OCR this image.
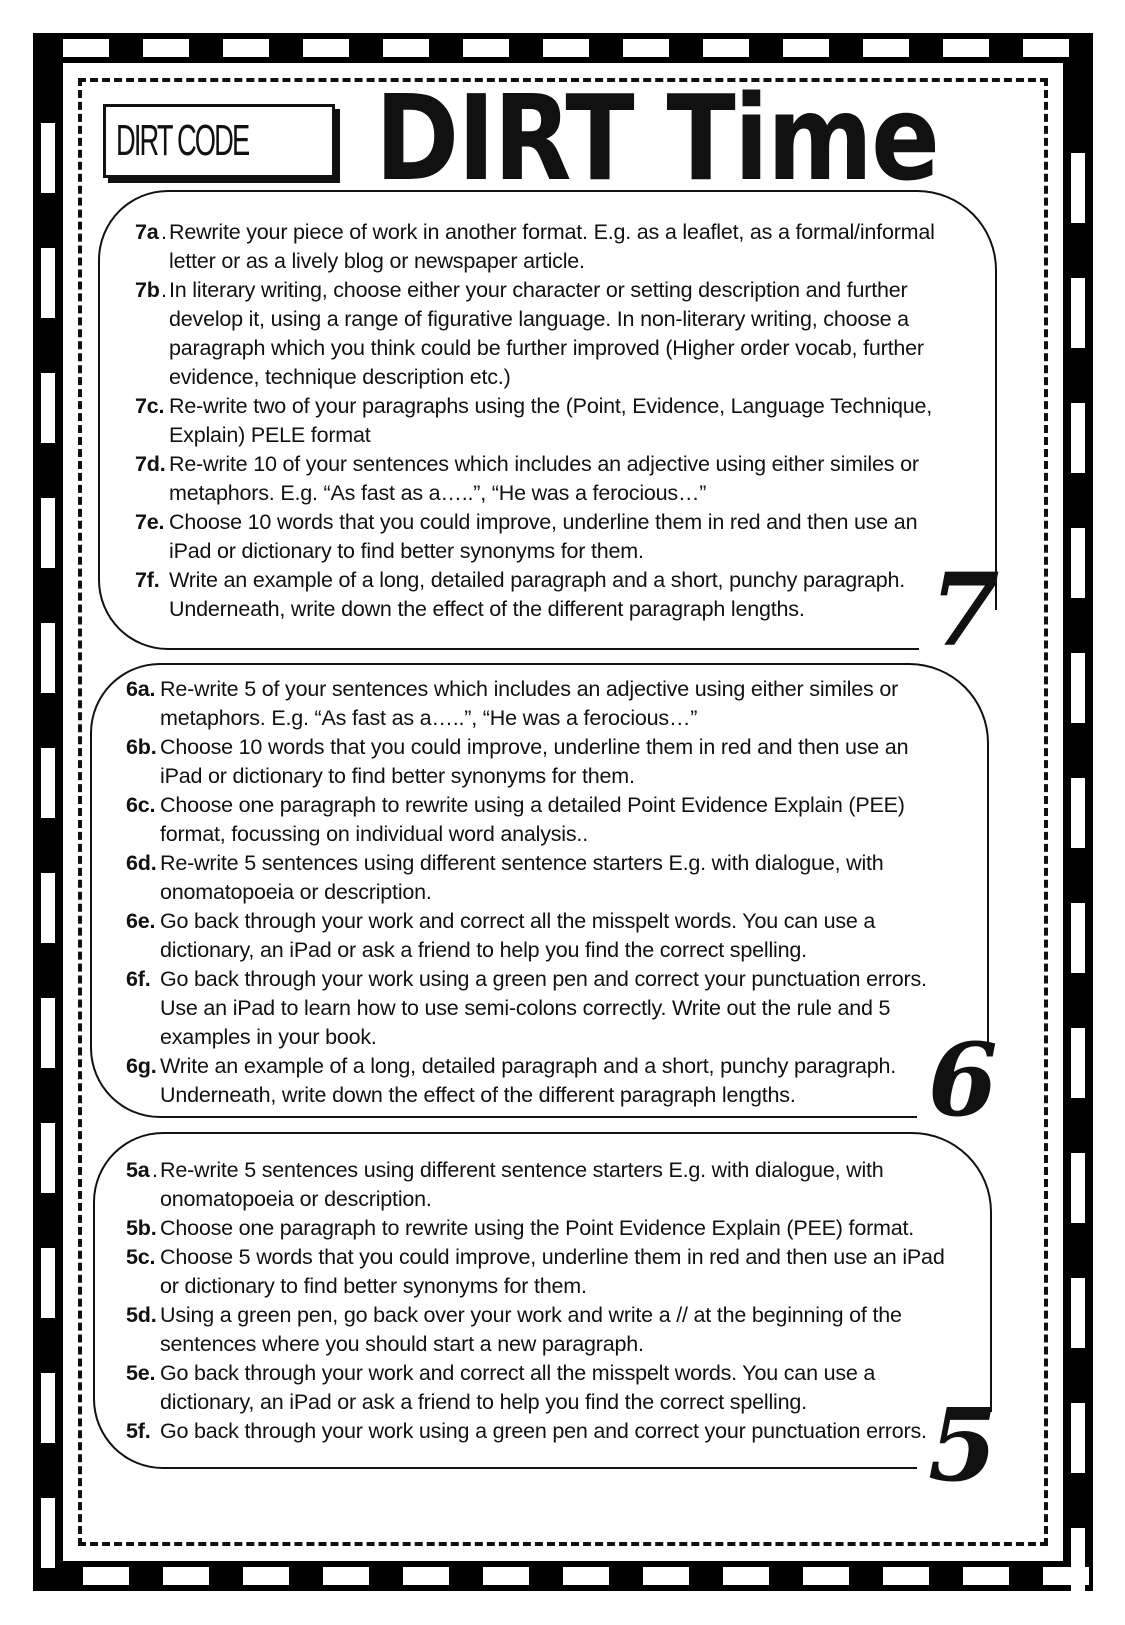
DIRT CODE DIRT Time
7a . Rewrite your piece of work in another format. E.g. as a leaflet, as a formal/informal letter or as a lively blog or newspaper article.
7b . In literary writing, choose either your character or setting description and further develop it, using a range of figurative language. In non-literary writing, choose a paragraph which you think could be further improved (Higher order vocab, further evidence, technique description etc.)
7c. Re-write two of your paragraphs using the (Point, Evidence, Language Technique, Explain) PELE format
7d. Re-write 10 of your sentences which includes an adjective using either similes or metaphors. E.g. “As fast as a…..”, “He was a ferocious…”
7e. Choose 10 words that you could improve, underline them in red and then use an iPad or dictionary to find better synonyms for them.
7f. Write an example of a long, detailed paragraph and a short, punchy paragraph. Underneath, write down the effect of the different paragraph lengths.	7
6a. Re-write 5 of your sentences which includes an adjective using either similes or metaphors. E.g. “As fast as a…..”, “He was a ferocious…”
6b. Choose 10 words that you could improve, underline them in red and then use an iPad or dictionary to find better synonyms for them.
6c. Choose one paragraph to rewrite using a detailed Point Evidence Explain (PEE) format, focussing on individual word analysis..
6d. Re-write 5 sentences using different sentence starters E.g. with dialogue, with onomatopoeia or description.
6e. Go back through your work and correct all the misspelt words. You can use a dictionary, an iPad or ask a friend to help you find the correct spelling.
6f. Go back through your work using a green pen and correct your punctuation errors. Use an iPad to learn how to use semi-colons correctly. Write out the rule and 5 examples in your book.
6g. Write an example of a long, detailed paragraph and a short, punchy paragraph. Underneath, write down the effect of the different paragraph lengths.	6
5a . Re-write 5 sentences using different sentence starters E.g. with dialogue, with onomatopoeia or description.
5b. Choose one paragraph to rewrite using the Point Evidence Explain (PEE) format.
5c. Choose 5 words that you could improve, underline them in red and then use an iPad or dictionary to find better synonyms for them.
5d. Using a green pen, go back over your work and write a // at the beginning of the sentences where you should start a new paragraph.
5e. Go back through your work and correct all the misspelt words. You can use a dictionary, an iPad or ask a friend to help you find the correct spelling.
5f. Go back through your work using a green pen and correct your punctuation errors. 5
